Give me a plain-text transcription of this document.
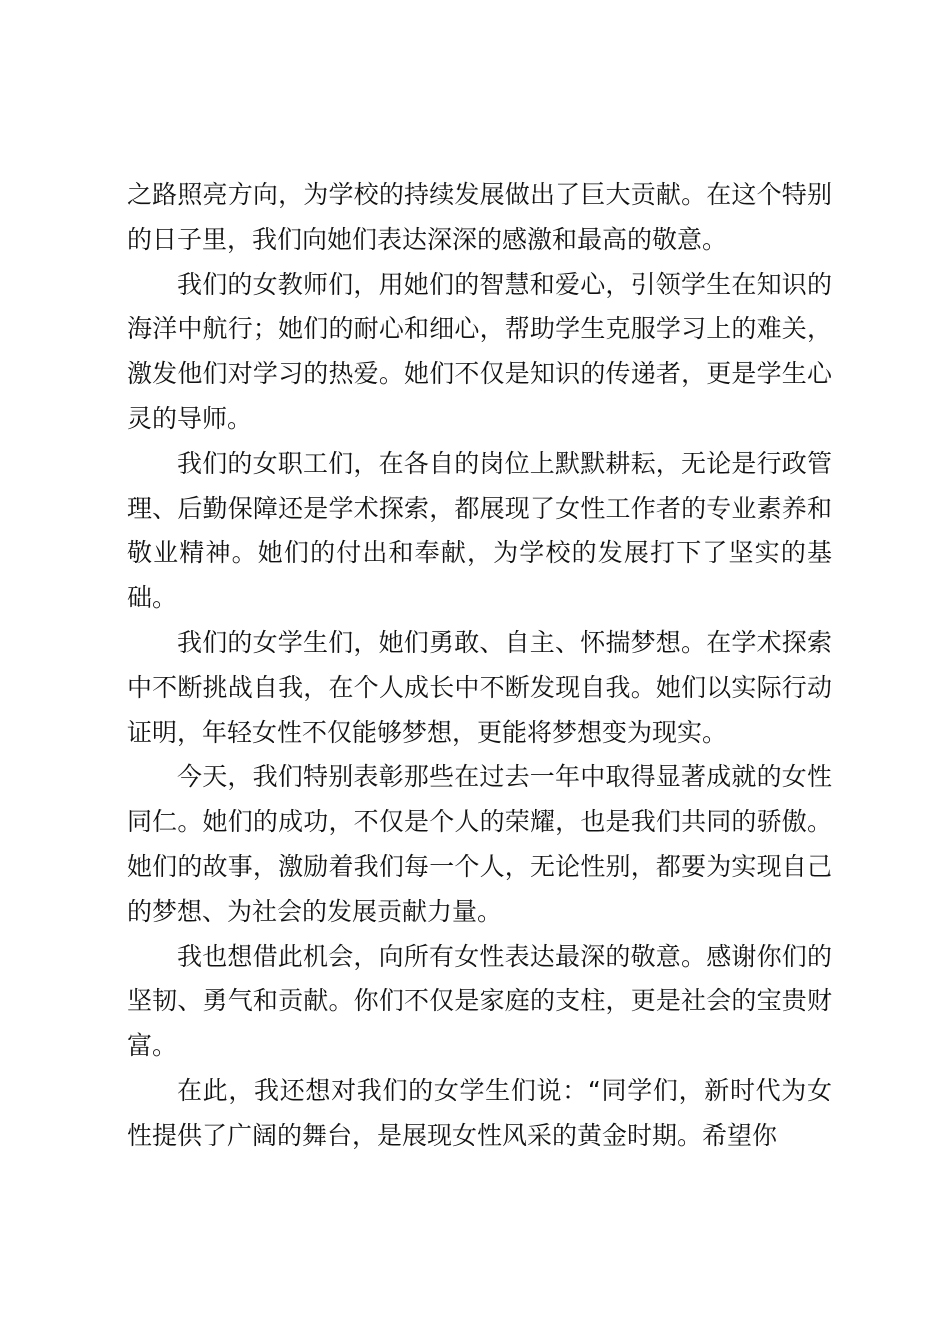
之路照亮方向，为学校的持续发展做出了巨大贡献。在这个特别的日子里，我们向她们表达深深的感激和最高的敬意。

我们的女教师们，用她们的智慧和爱心，引领学生在知识的海洋中航行；她们的耐心和细心，帮助学生克服学习上的难关，激发他们对学习的热爱。她们不仅是知识的传递者，更是学生心灵的导师。

我们的女职工们，在各自的岗位上默默耕耘，无论是行政管理、后勤保障还是学术探索，都展现了女性工作者的专业素养和敬业精神。她们的付出和奉献，为学校的发展打下了坚实的基础。

我们的女学生们，她们勇敢、自主、怀揣梦想。在学术探索中不断挑战自我，在个人成长中不断发现自我。她们以实际行动证明，年轻女性不仅能够梦想，更能将梦想变为现实。

今天，我们特别表彰那些在过去一年中取得显著成就的女性同仁。她们的成功，不仅是个人的荣耀，也是我们共同的骄傲。她们的故事，激励着我们每一个人，无论性别，都要为实现自己的梦想、为社会的发展贡献力量。

我也想借此机会，向所有女性表达最深的敬意。感谢你们的坚韧、勇气和贡献。你们不仅是家庭的支柱，更是社会的宝贵财富。

在此，我还想对我们的女学生们说：“同学们，新时代为女性提供了广阔的舞台，是展现女性风采的黄金时期。希望你
